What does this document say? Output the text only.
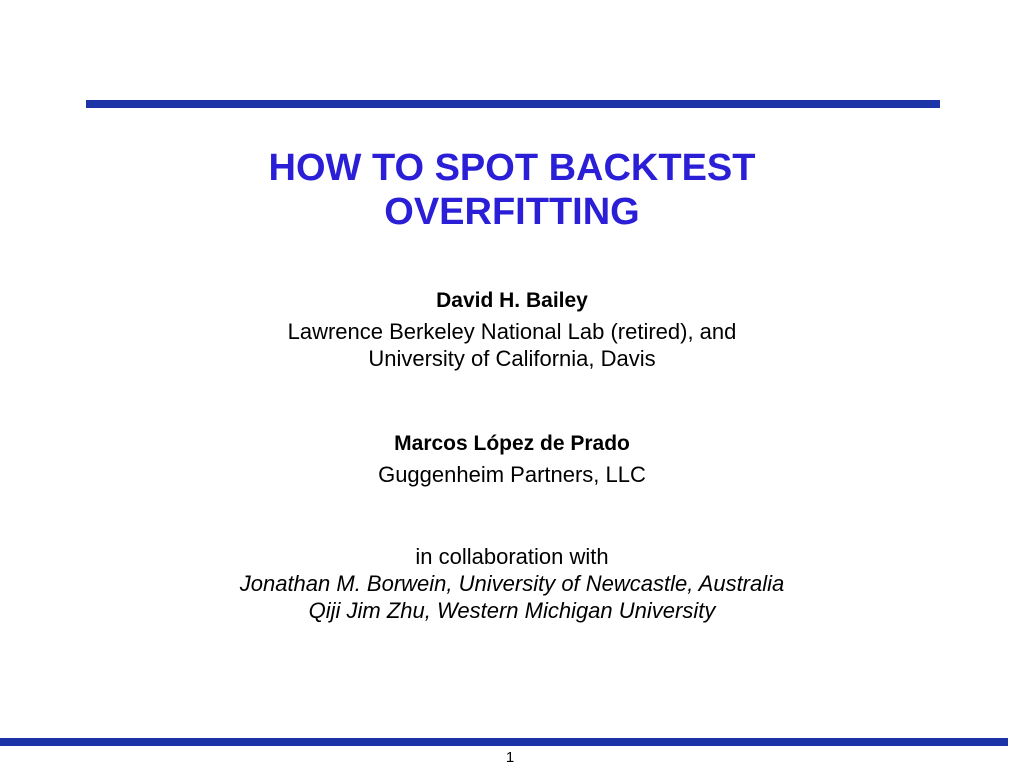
HOW TO SPOT BACKTEST
OVERFITTING
David H. Bailey
Lawrence Berkeley National Lab (retired), and
University of California, Davis
Marcos López de Prado
Guggenheim Partners, LLC
in collaboration with
Jonathan M. Borwein, University of Newcastle, Australia
Qiji Jim Zhu, Western Michigan University
1
